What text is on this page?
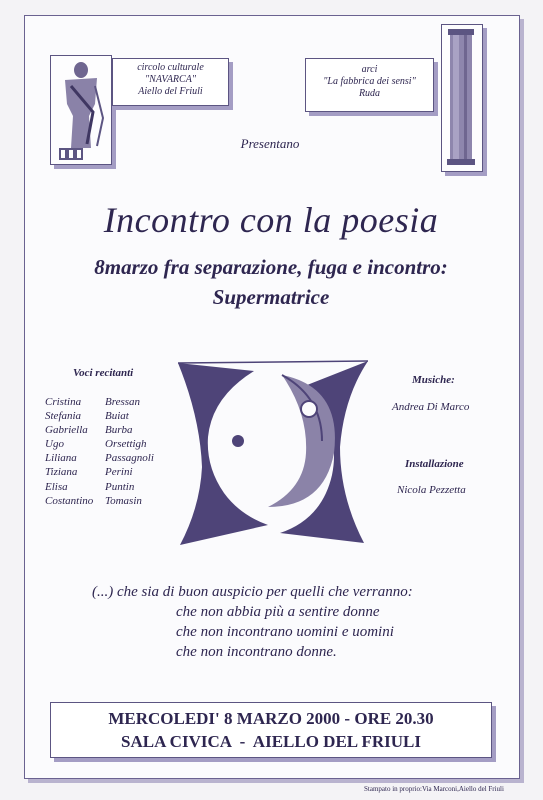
circolo culturale
"NAVARCA"
Aiello del Friuli
arci
"La fabbrica dei sensi"
Ruda
Presentano
Incontro con la poesia
8marzo fra separazione, fuga e incontro:
Supermatrice
Voci recitanti
Cristina
Stefania
Gabriella
Ugo
Liliana
Tiziana
Elisa
Costantino
Bressan
Buiat
Burba
Orsettigh
Passagnoli
Perini
Puntin
Tomasin
Musiche:
Andrea Di Marco
Installazione
Nicola Pezzetta
(...) che sia di buon auspicio per quelli che verranno:
che non abbia più a sentire donne
che non incontrano uomini e uomini
che non incontrano donne.
MERCOLEDI' 8 MARZO 2000 - ORE 20.30
SALA CIVICA  -  AIELLO DEL FRIULI
Stampato in proprio:Via Marconi,Aiello del Friuli
